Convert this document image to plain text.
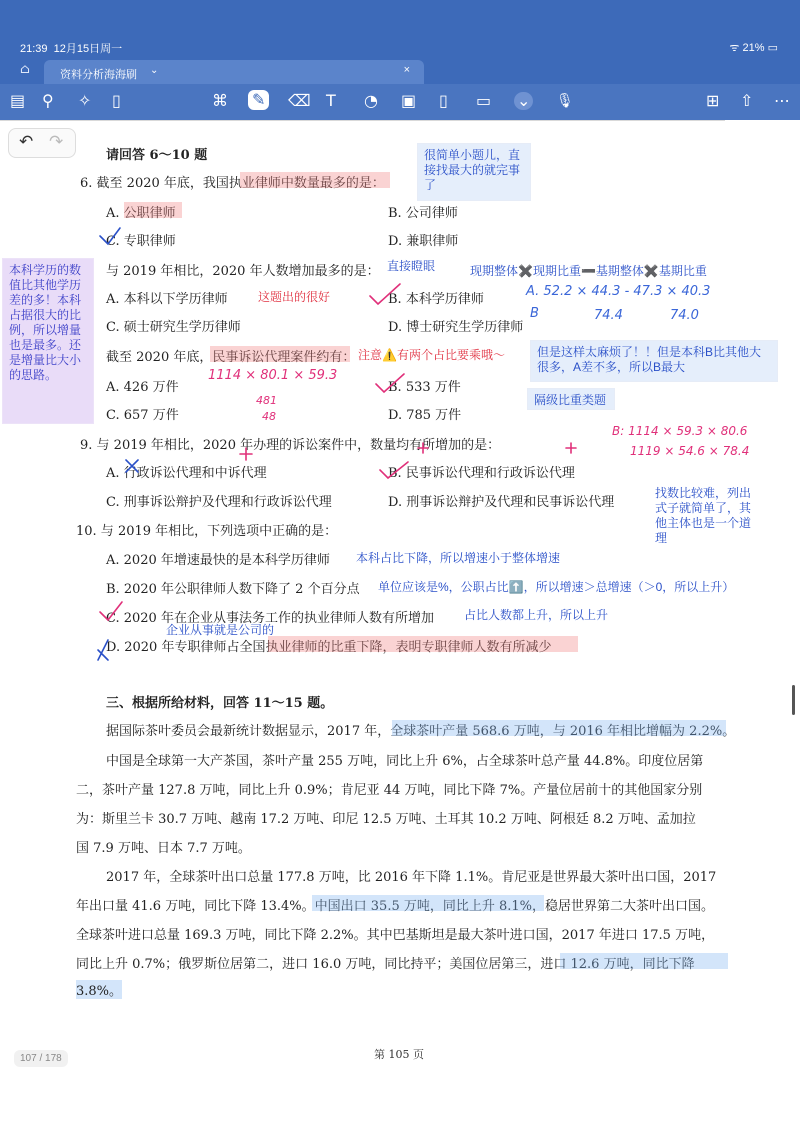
21:39 12月15日周一	ᯤ 21% ▭
⌂	资料分析海海刷 ⌄	×
▤ ⚲ ✧ ▯	⌘ ✎ ⌫ T ◔ ▣ ▯ ▭ ⌄ 🎙	⊞ ⇧ ⋯
↶ ↷
请回答 6～10 题
6. 截至 2020 年底，我国执业律师中数量最多的是：
A. 公职律师	B. 公司律师
C. 专职律师	D. 兼职律师
与 2019 年相比，2020 年人数增加最多的是：
A. 本科以下学历律师	B. 本科学历律师
C. 硕士研究生学历律师	D. 博士研究生学历律师
截至 2020 年底，民事诉讼代理案件约有：
A. 426 万件	B. 533 万件
C. 657 万件	D. 785 万件
9. 与 2019 年相比，2020 年办理的诉讼案件中，数量均有所增加的是：
A. 行政诉讼代理和中诉代理	B. 民事诉讼代理和行政诉讼代理
C. 刑事诉讼辩护及代理和行政诉讼代理	D. 刑事诉讼辩护及代理和民事诉讼代理
10. 与 2019 年相比，下列选项中正确的是：
A. 2020 年增速最快的是本科学历律师
B. 2020 年公职律师人数下降了 2 个百分点
C. 2020 年在企业从事法务工作的执业律师人数有所增加
D. 2020 年专职律师占全国执业律师的比重下降，表明专职律师人数有所减少
三、根据所给材料，回答 11～15 题。
据国际茶叶委员会最新统计数据显示，2017 年，全球茶叶产量 568.6 万吨，与 2016 年相比增幅为 2.2%。
中国是全球第一大产茶国，茶叶产量 255 万吨，同比上升 6%，占全球茶叶总产量 44.8%。印度位居第
二，茶叶产量 127.8 万吨，同比上升 0.9%；肯尼亚 44 万吨，同比下降 7%。产量位居前十的其他国家分别
为：斯里兰卡 30.7 万吨、越南 17.2 万吨、印尼 12.5 万吨、土耳其 10.2 万吨、阿根廷 8.2 万吨、孟加拉
国 7.9 万吨、日本 7.7 万吨。
2017 年，全球茶叶出口总量 177.8 万吨，比 2016 年下降 1.1%。肯尼亚是世界最大茶叶出口国，2017
年出口量 41.6 万吨，同比下降 13.4%。中国出口 35.5 万吨，同比上升 8.1%，稳居世界第二大茶叶出口国。
全球茶叶进口总量 169.3 万吨，同比下降 2.2%。其中巴基斯坦是最大茶叶进口国，2017 年进口 17.5 万吨，
同比上升 0.7%；俄罗斯位居第二，进口 16.0 万吨，同比持平；美国位居第三，进口 12.6 万吨，同比下降
3.8%。
很简单小题儿，直接找最大的就完事了
本科学历的数值比其他学历差的多！本科占据很大的比例，所以增量也是最多。还是增量比大小的思路。
直接瞪眼	现期整体✖️现期比重➖基期整体✖️基期比重
这题出的很好	A. 52.2 × 44.3 - 47.3 × 40.3
B	74.4	74.0
但是这样太麻烦了！！但是本科B比其他大很多，A差不多，所以B最大
隔级比重类题
注意⚠️有两个占比要乘哦～
1114 × 80.1 × 59.3
481
48
B: 1114 × 59.3 × 80.6
1119 × 54.6 × 78.4
找数比较难，列出式子就简单了，其他主体也是一个道理
本科占比下降，所以增速小于整体增速
单位应该是%，公职占比⬆️，所以增速＞总增速（＞0，所以上升）
占比人数都上升，所以上升
企业从事就是公司的
第 105 页
107 / 178
